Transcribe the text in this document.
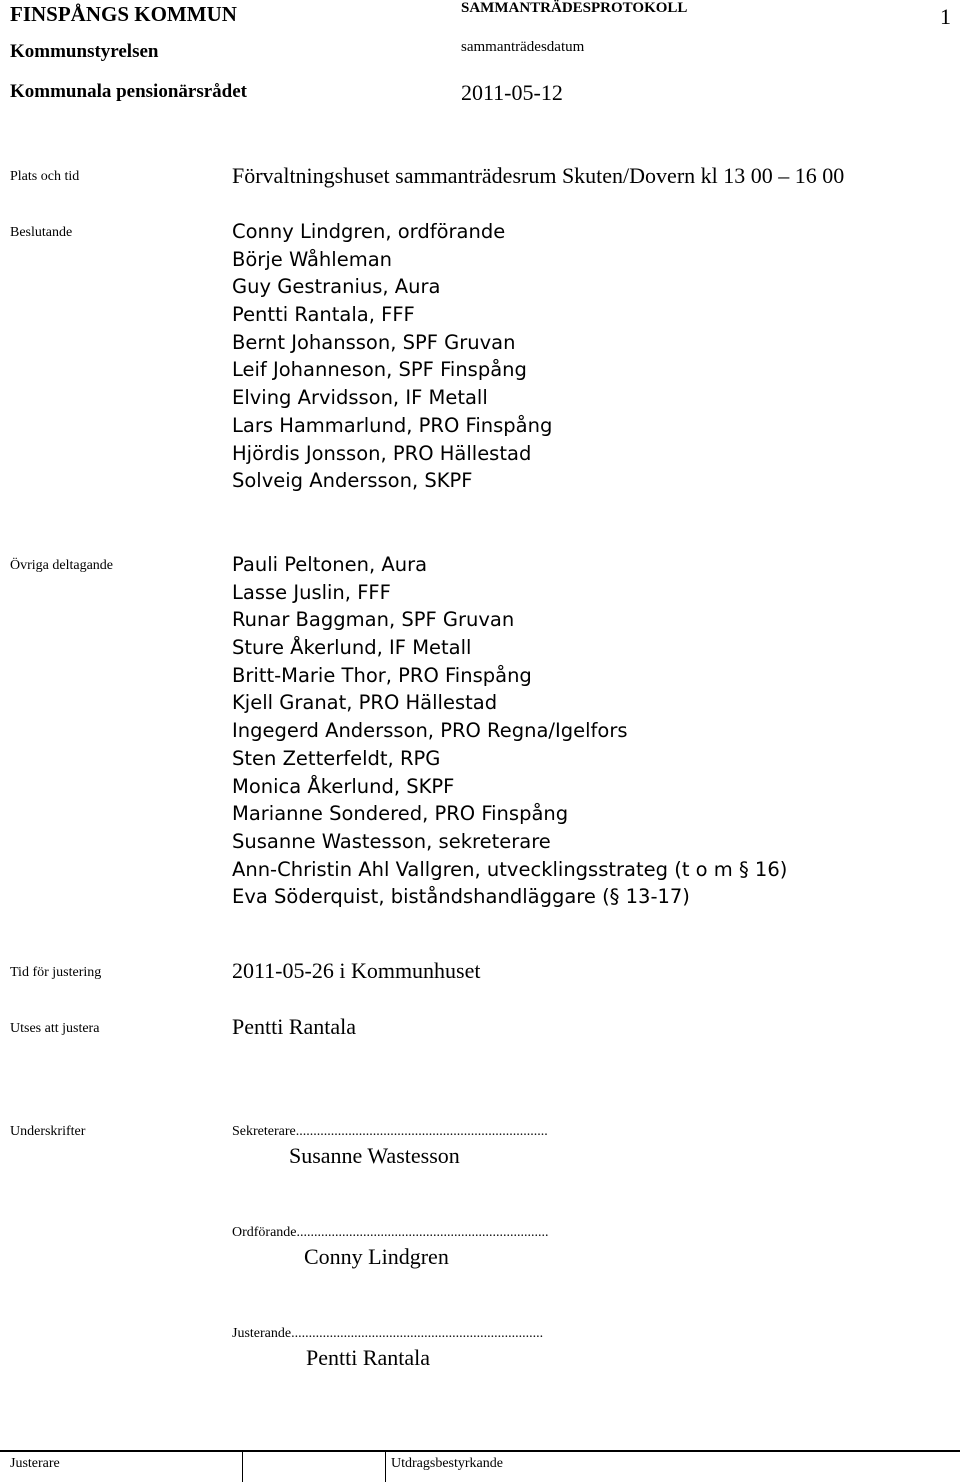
FINSPÅNGS KOMMUN
Kommunstyrelsen
Kommunala pensionärsrådet
SAMMANTRÄDESPROTOKOLL
sammanträdesdatum
2011-05-12
1
Plats och tid	Förvaltningshuset sammanträdesrum Skuten/Dovern kl 13 00 – 16 00
Beslutande	Conny Lindgren, ordförande
Börje Wåhleman
Guy Gestranius, Aura
Pentti Rantala, FFF
Bernt Johansson, SPF Gruvan
Leif Johanneson, SPF Finspång
Elving Arvidsson, IF Metall
Lars Hammarlund, PRO Finspång
Hjördis Jonsson, PRO Hällestad
Solveig Andersson, SKPF
Övriga deltagande	Pauli Peltonen, Aura
Lasse Juslin, FFF
Runar Baggman, SPF Gruvan
Sture Åkerlund, IF Metall
Britt-Marie Thor, PRO Finspång
Kjell Granat, PRO Hällestad
Ingegerd Andersson, PRO Regna/Igelfors
Sten Zetterfeldt, RPG
Monica Åkerlund, SKPF
Marianne Sondered, PRO Finspång
Susanne Wastesson, sekreterare
Ann-Christin Ahl Vallgren, utvecklingsstrateg (t o m § 16)
Eva Söderquist, biståndshandläggare (§ 13-17)
Tid för justering	2011-05-26 i Kommunhuset
Utses att justera	Pentti Rantala
Underskrifter	Sekreterare........................................................................
Susanne Wastesson
Ordförande........................................................................
Conny Lindgren
Justerande........................................................................
Pentti Rantala
Justerare	Utdragsbestyrkande
